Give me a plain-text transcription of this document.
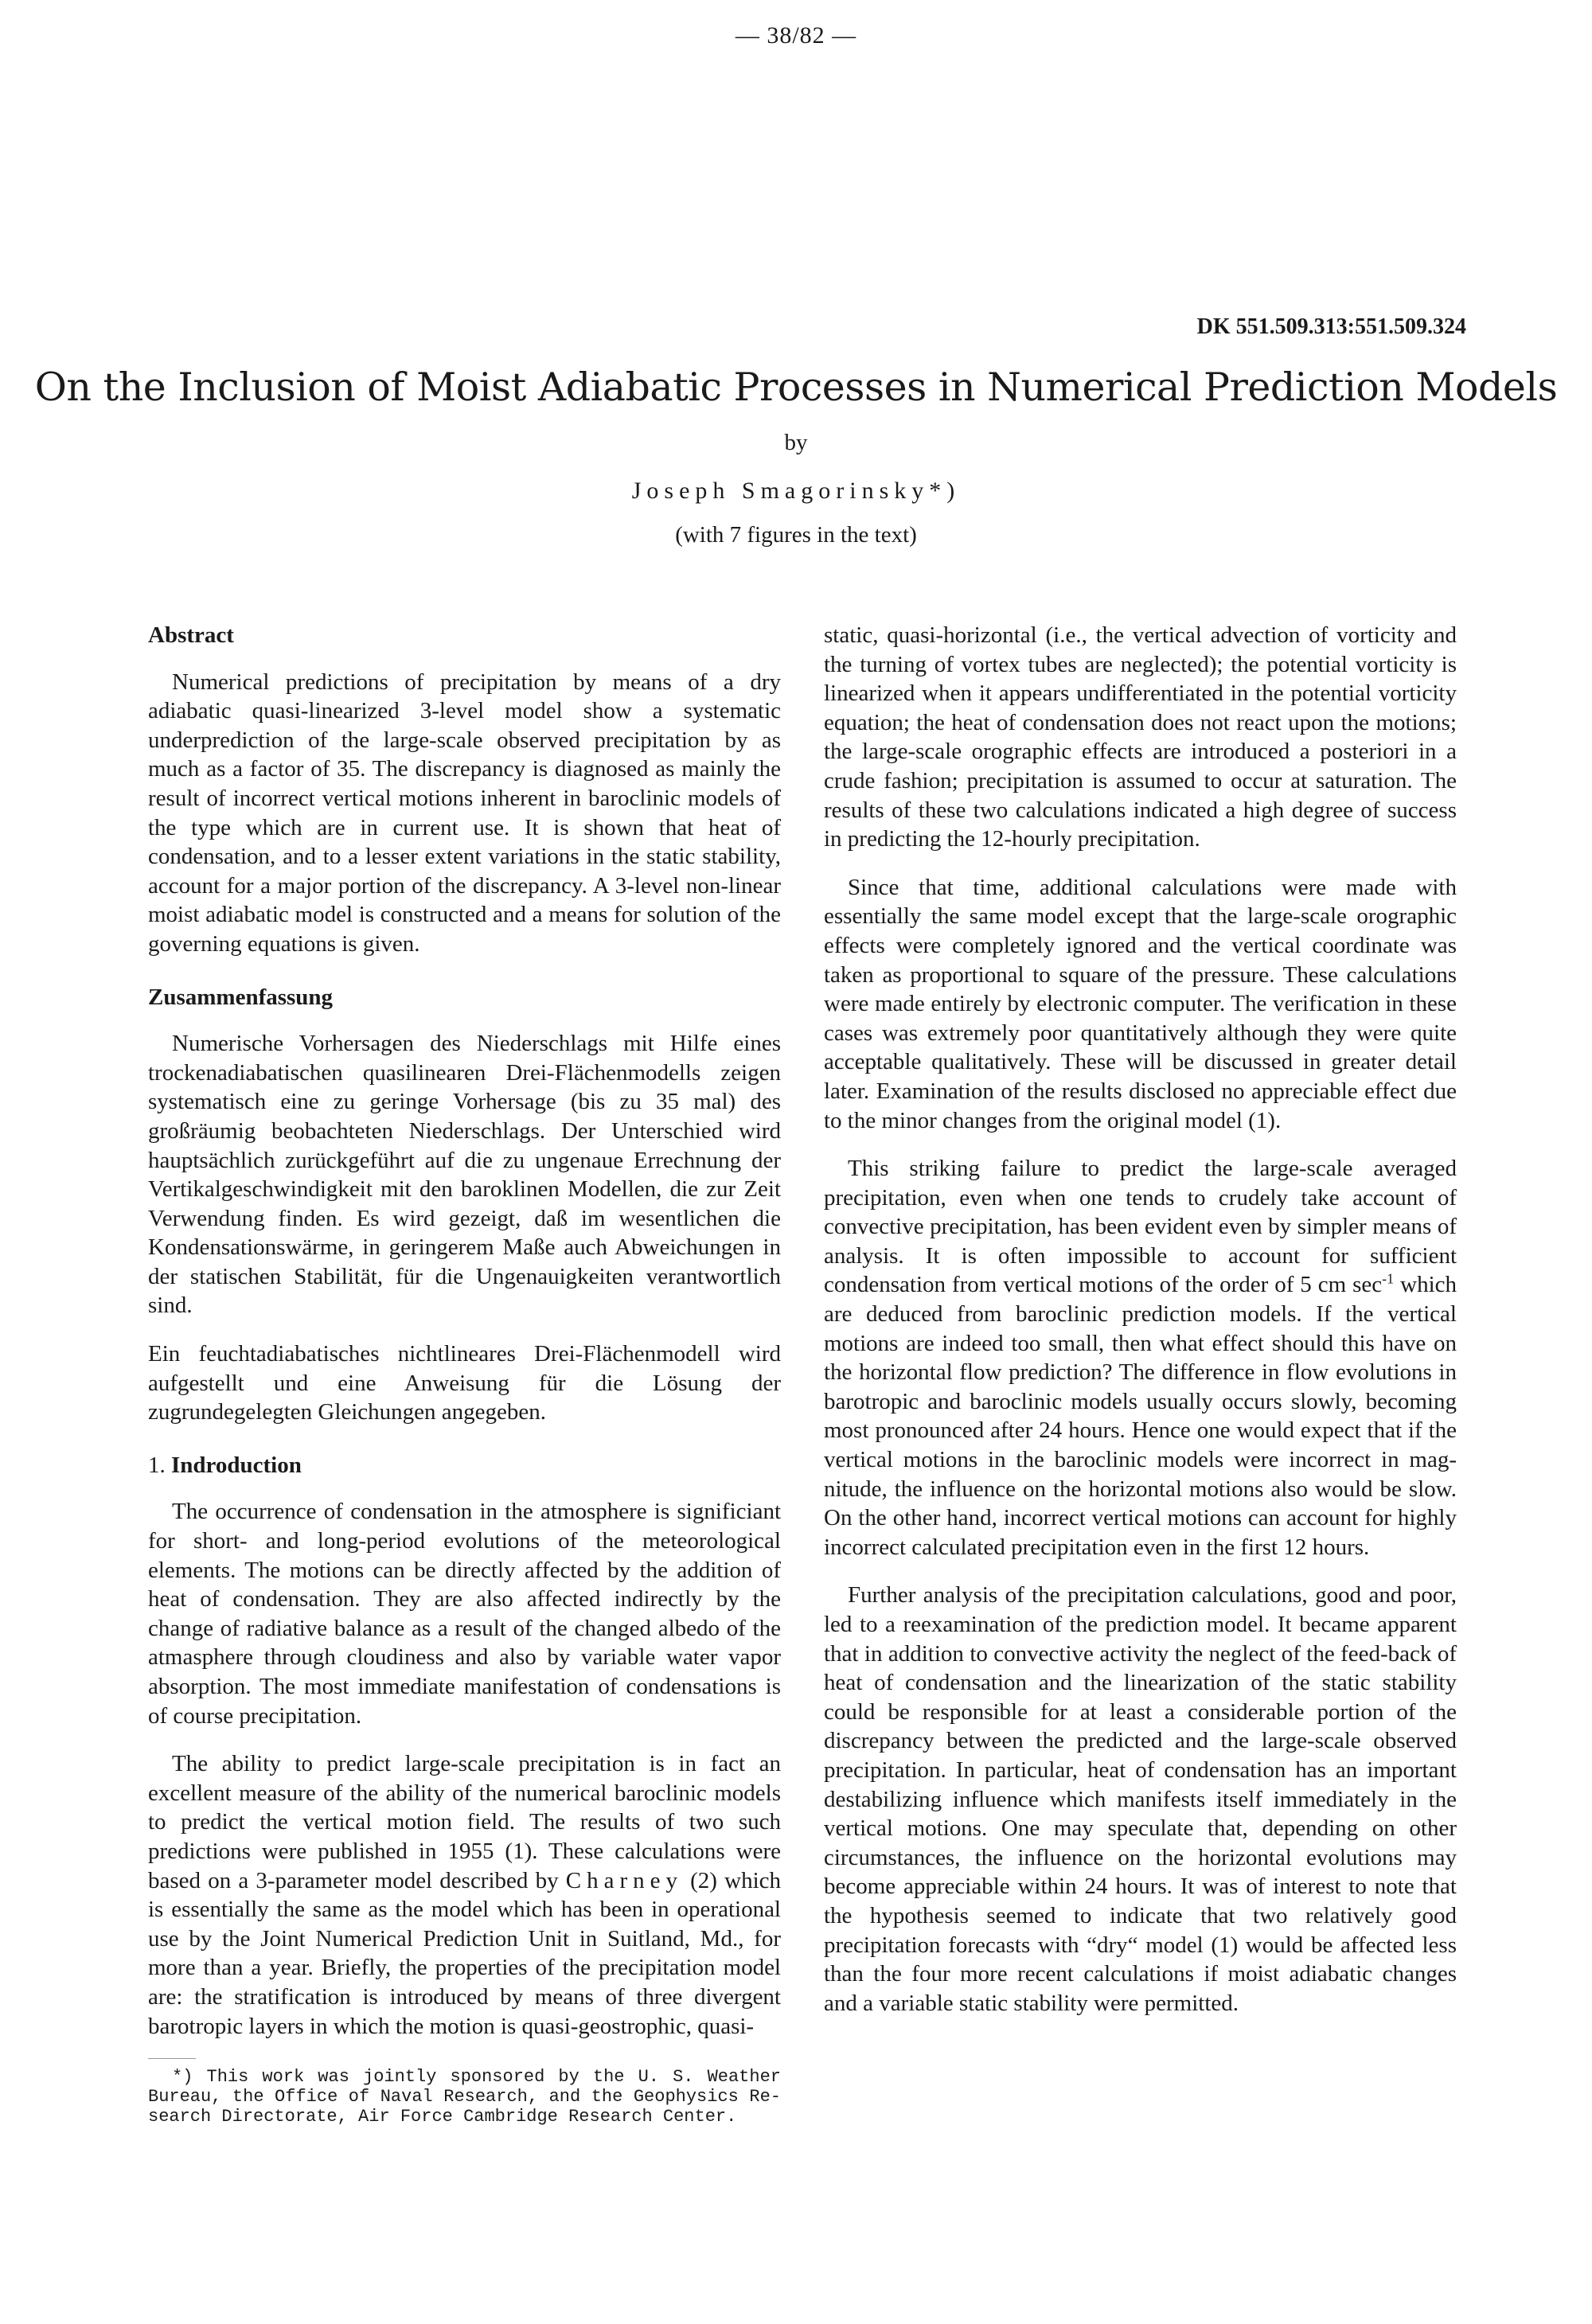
— 38/82 —
DK 551.509.313:551.509.324
On the Inclusion of Moist Adiabatic Processes in Numerical Prediction Models
by
Joseph Smagorinsky*)
(with 7 figures in the text)
Abstract

Numerical predictions of precipitation by means of a dry adiabatic quasi-linearized 3-level model show a systematic underprediction of the large-scale observed precipitation by as much as a factor of 35. The discrepancy is diagnosed as mainly the result of incorrect vertical motions inherent in baroclinic models of the type which are in current use. It is shown that heat of condensation, and to a lesser extent variations in the static stability, account for a major portion of the discrepancy. A 3-level non-linear moist adiabatic model is constructed and a means for solution of the governing equations is given.

Zusammenfassung

Numerische Vorhersagen des Niederschlags mit Hilfe eines trockenadiabatischen quasilinearen Drei-Flächenmodells zeigen systematisch eine zu geringe Vorhersage (bis zu 35 mal) des großräumig beobachteten Niederschlags. Der Unterschied wird hauptsächlich zurückgeführt auf die zu ungenaue Errechnung der Vertikalgeschwindigkeit mit den baroklinen Modellen, die zur Zeit Verwendung finden. Es wird gezeigt, daß im wesentlichen die Kondensationswärme, in geringerem Maße auch Abweichungen in der statischen Stabilität, für die Ungenauigkeiten verantwortlich sind.

Ein feuchtadiabatisches nichtlineares Drei-Flächenmodell wird aufgestellt und eine Anweisung für die Lösung der zugrundegelegten Gleichungen angegeben.

1. Indroduction

The occurrence of condensation in the atmosphere is significiant for short- and long-period evolutions of the meteorological elements. The motions can be directly affected by the addition of heat of condensation. They are also affected indirectly by the change of radiative balance as a result of the changed albedo of the atmasphere through cloudiness and also by variable water vapor absorption. The most immediate manifestation of condensations is of course precipitation.

The ability to predict large-scale precipitation is in fact an excellent measure of the ability of the numerical baroclinic models to predict the vertical motion field. The results of two such predictions were published in 1955 (1). These calculations were based on a 3-parameter model described by Charney (2) which is essentially the same as the model which has been in operational use by the Joint Numerical Prediction Unit in Suitland, Md., for more than a year. Briefly, the properties of the precipitation model are: the stratification is introduced by means of three divergent barotropic layers in which the motion is quasi-geostrophic, quasi-

*) This work was jointly sponsored by the U. S. Weather Bureau, the Office of Naval Research, and the Geophysics Research Directorate, Air Force Cambridge Research Center.

static, quasi-horizontal (i.e., the vertical advection of vorticity and the turning of vortex tubes are neglected); the potential vorticity is linearized when it appears undifferentiated in the potential vorticity equation; the heat of condensation does not react upon the motions; the large-scale orographic effects are introduced a posteriori in a crude fashion; precipitation is assumed to occur at saturation. The results of these two calculations indicated a high degree of success in predicting the 12-hourly precipitation.

Since that time, additional calculations were made with essentially the same model except that the large-scale orographic effects were completely ignored and the vertical coordinate was taken as proportional to square of the pressure. These calculations were made entirely by electronic computer. The verification in these cases was extremely poor quantitatively although they were quite acceptable qualitatively. These will be discussed in greater detail later. Examination of the results disclosed no appreciable effect due to the minor changes from the original model (1).

This striking failure to predict the large-scale averaged precipitation, even when one tends to crudely take account of convective precipitation, has been evident even by simpler means of analysis. It is often impossible to account for sufficient condensation from vertical motions of the order of 5 cm $\sec^{-1}$ which are deduced from baroclinic prediction models. If the vertical motions are indeed too small, then what effect should this have on the horizontal flow prediction? The difference in flow evolutions in barotropic and baroclinic models usually occurs slowly, becoming most pronounced after 24 hours. Hence one would expect that if the vertical motions in the baroclinic models were incorrect in magnitude, the influence on the horizontal motions also would be slow. On the other hand, incorrect vertical motions can account for highly incorrect calculated precipitation even in the first 12 hours.

Further analysis of the precipitation calculations, good and poor, led to a reexamination of the prediction model. It became apparent that in addition to convective activity the neglect of the feed-back of heat of condensation and the linearization of the static stability could be responsible for at least a considerable portion of the discrepancy between the predicted and the large-scale observed precipitation. In particular, heat of condensation has an important destabilizing influence which manifests itself immediately in the vertical motions. One may speculate that, depending on other circumstances, the influence on the horizontal evolutions may become appreciable within 24 hours. It was of interest to note that the hypothesis seemed to indicate that two relatively good precipitation forecasts with “dry“ model (1) would be affected less than the four more recent calculations if moist adiabatic changes and a variable static stability were permitted.
